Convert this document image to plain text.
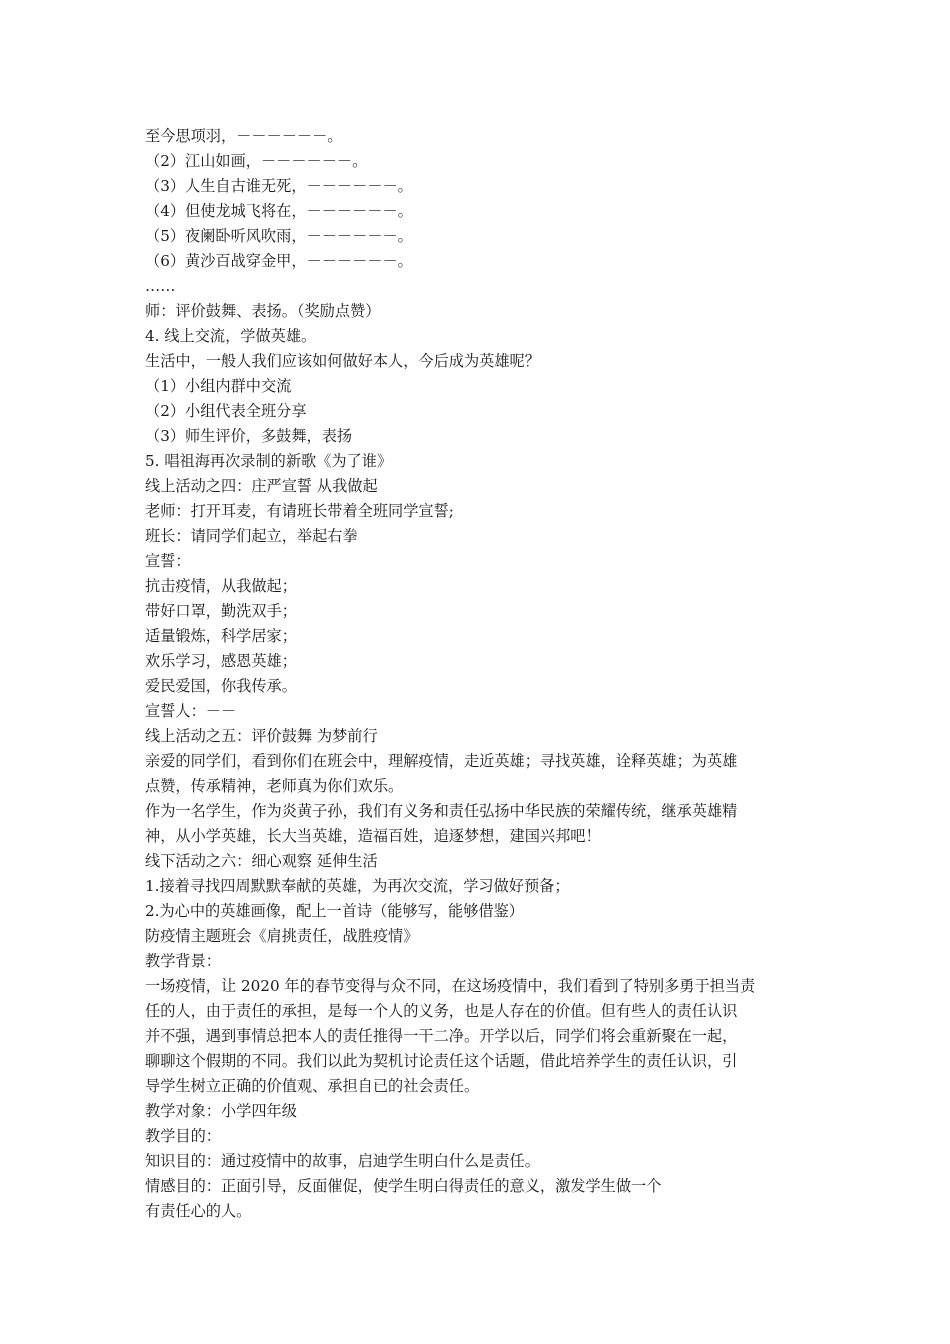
至今思项羽，－－－－－－。
（2）江山如画，－－－－－－。
（3）人生自古谁无死，－－－－－－。
（4）但使龙城飞将在，－－－－－－。
（5）夜阑卧听风吹雨，－－－－－－。
（6）黄沙百战穿金甲，－－－－－－。
……
师：评价鼓舞、表扬。（奖励点赞）
4. 线上交流，学做英雄。
生活中，一般人我们应该如何做好本人，今后成为英雄呢？
（1）小组内群中交流
（2）小组代表全班分享
（3）师生评价，多鼓舞，表扬
5. 唱祖海再次录制的新歌《为了谁》
线上活动之四：庄严宣誓 从我做起
老师：打开耳麦，有请班长带着全班同学宣誓;
班长：请同学们起立，举起右拳
宣誓：
抗击疫情，从我做起；
带好口罩，勤洗双手；
适量锻炼，科学居家；
欢乐学习，感恩英雄；
爱民爱国，你我传承。
宣誓人：－－
线上活动之五：评价鼓舞 为梦前行
亲爱的同学们，看到你们在班会中，理解疫情，走近英雄；寻找英雄，诠释英雄；为英雄
点赞，传承精神，老师真为你们欢乐。
作为一名学生，作为炎黄子孙，我们有义务和责任弘扬中华民族的荣耀传统，继承英雄精
神，从小学英雄，长大当英雄，造福百姓，追逐梦想，建国兴邦吧！
线下活动之六：细心观察 延伸生活
1.接着寻找四周默默奉献的英雄，为再次交流，学习做好预备；
2.为心中的英雄画像，配上一首诗（能够写，能够借鉴）
防疫情主题班会《肩挑责任，战胜疫情》
教学背景：
一场疫情，让 2020 年的春节变得与众不同，在这场疫情中，我们看到了特别多勇于担当责
任的人，由于责任的承担，是每一个人的义务，也是人存在的价值。但有些人的责任认识
并不强，遇到事情总把本人的责任推得一干二净。开学以后，同学们将会重新聚在一起，
聊聊这个假期的不同。我们以此为契机讨论责任这个话题，借此培养学生的责任认识，引
导学生树立正确的价值观、承担自已的社会责任。
教学对象：小学四年级
教学目的：
知识目的：通过疫情中的故事，启迪学生明白什么是责任。
情感目的：正面引导，反面催促，使学生明白得责任的意义，激发学生做一个
有责任心的人。
